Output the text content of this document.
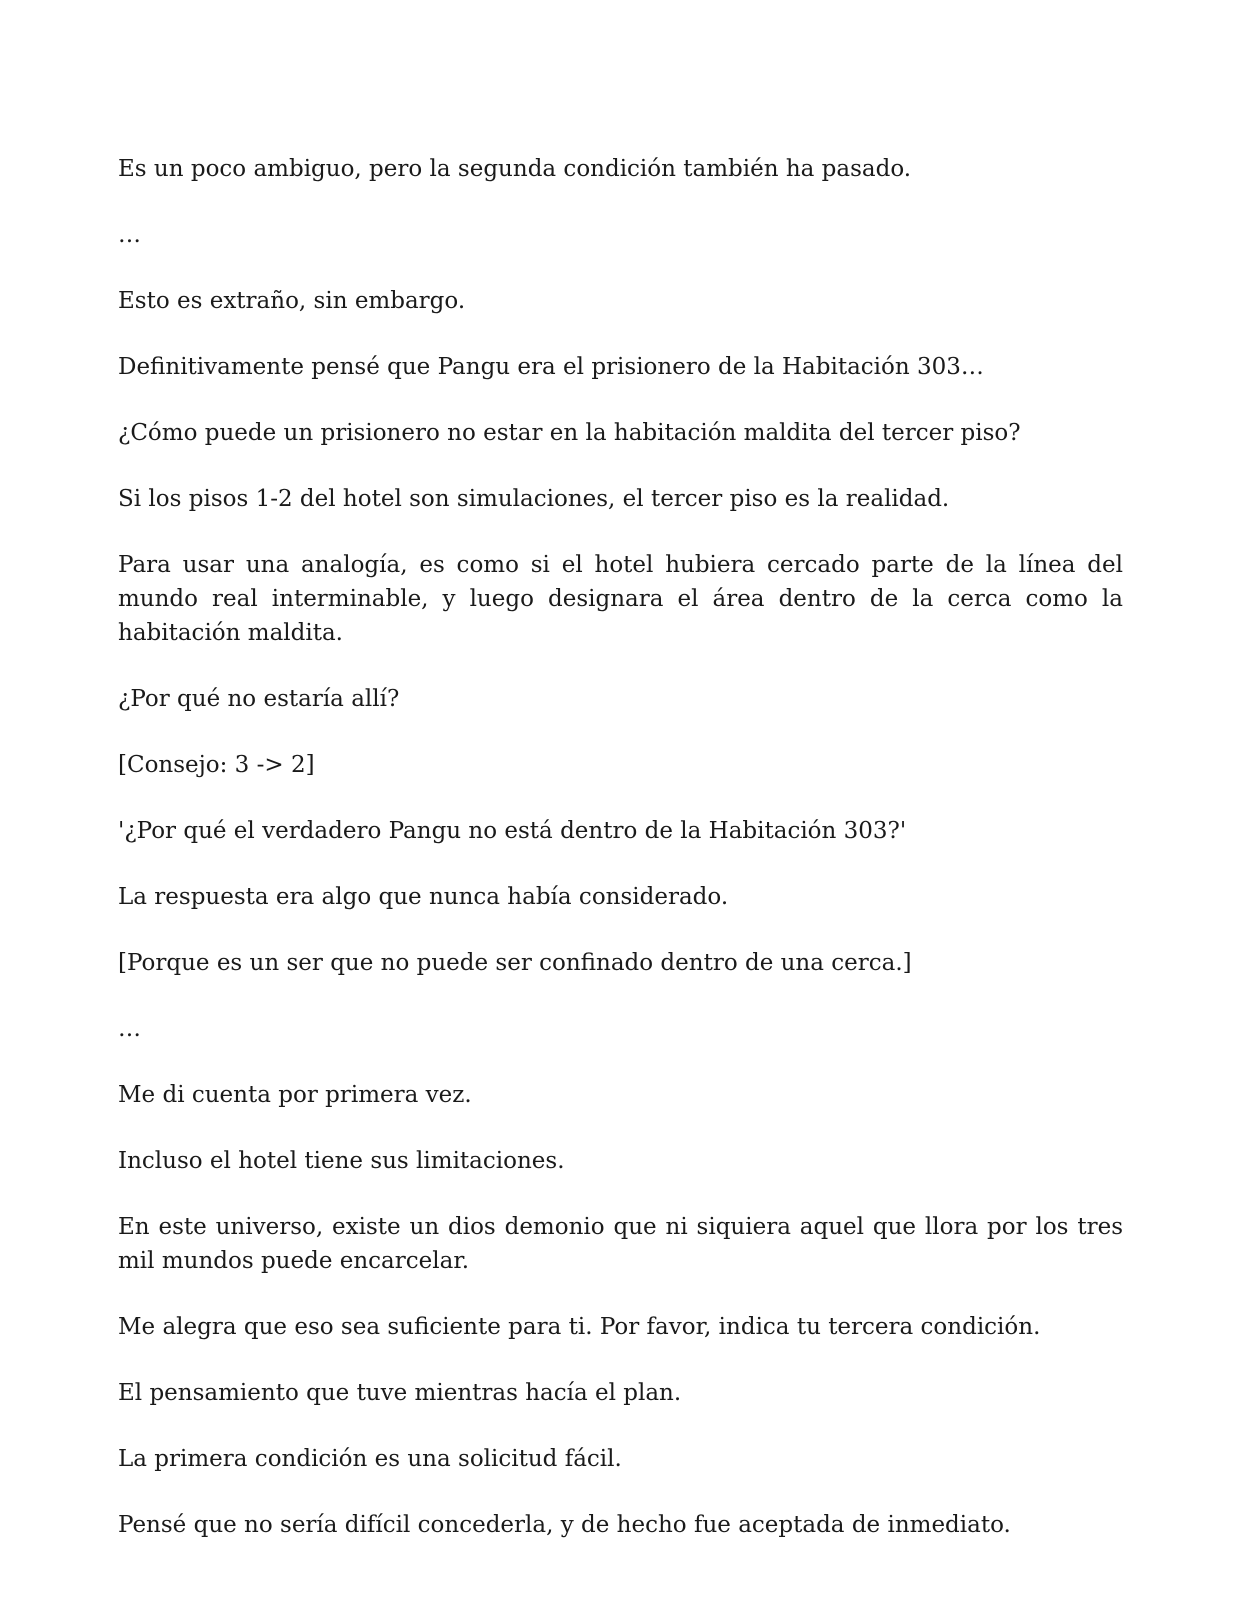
Es un poco ambiguo, pero la segunda condición también ha pasado.

…

Esto es extraño, sin embargo.

Definitivamente pensé que Pangu era el prisionero de la Habitación 303…

¿Cómo puede un prisionero no estar en la habitación maldita del tercer piso?

Si los pisos 1-2 del hotel son simulaciones, el tercer piso es la realidad.

Para usar una analogía, es como si el hotel hubiera cercado parte de la línea del mundo real interminable, y luego designara el área dentro de la cerca como la habitación maldita.

¿Por qué no estaría allí?

[Consejo: 3 -> 2]

'¿Por qué el verdadero Pangu no está dentro de la Habitación 303?'

La respuesta era algo que nunca había considerado.

[Porque es un ser que no puede ser confinado dentro de una cerca.]

…

Me di cuenta por primera vez.

Incluso el hotel tiene sus limitaciones.

En este universo, existe un dios demonio que ni siquiera aquel que llora por los tres mil mundos puede encarcelar.

Me alegra que eso sea suficiente para ti. Por favor, indica tu tercera condición.

El pensamiento que tuve mientras hacía el plan.

La primera condición es una solicitud fácil.

Pensé que no sería difícil concederla, y de hecho fue aceptada de inmediato.
